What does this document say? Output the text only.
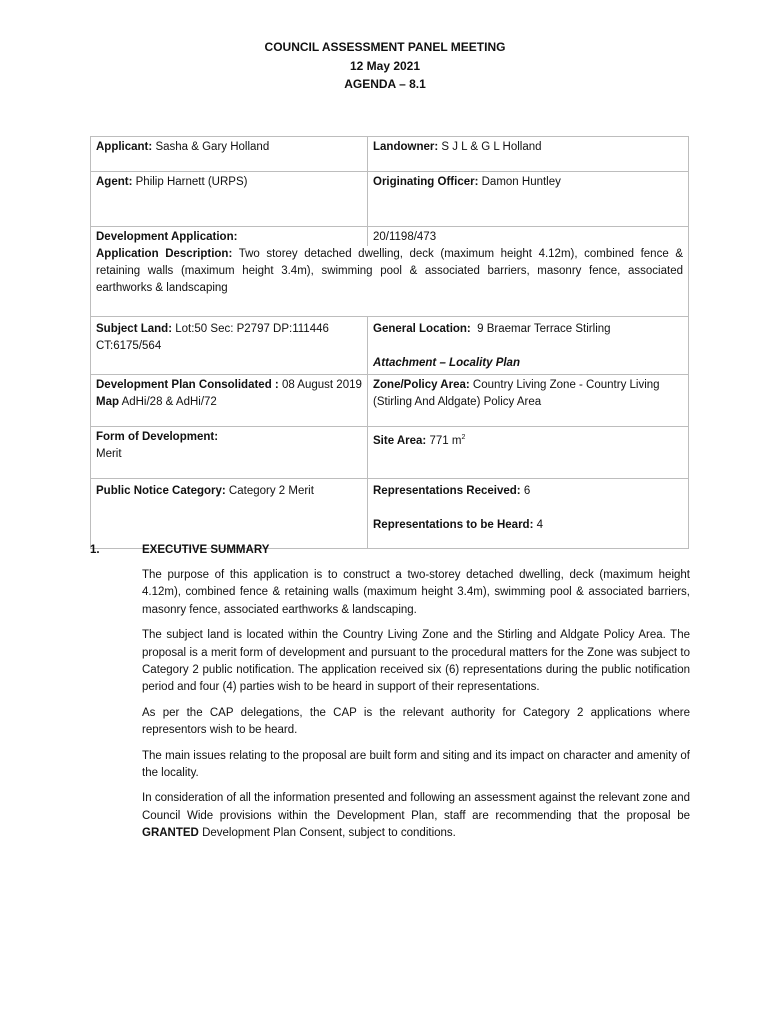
COUNCIL ASSESSMENT PANEL MEETING
12 May 2021
AGENDA – 8.1
Applicant: Sasha & Gary Holland	Landowner: S J L & G L Holland
Agent: Philip Harnett (URPS)	Originating Officer: Damon Huntley
Development Application:	20/1198/473
Application Description: Two storey detached dwelling, deck (maximum height 4.12m), combined fence & retaining walls (maximum height 3.4m), swimming pool & associated barriers, masonry fence, associated earthworks & landscaping	
Subject Land: Lot:50 Sec: P2797 DP:111446 CT:6175/564	General Location: 9 Braemar Terrace Stirling
Attachment – Locality Plan

Development Plan Consolidated : 08 August 2019
Map AdHi/28 & AdHi/72	Zone/Policy Area: Country Living Zone - Country Living (Stirling And Aldgate) Policy Area

Form of Development:
Merit	Site Area: 771 $m^2$
Public Notice Category: Category 2 Merit	Representations Received: 6
Representations to be Heard: 4
1.	EXECUTIVE SUMMARY

The purpose of this application is to construct a two-storey detached dwelling, deck (maximum height 4.12m), combined fence & retaining walls (maximum height 3.4m), swimming pool & associated barriers, masonry fence, associated earthworks & landscaping.

The subject land is located within the Country Living Zone and the Stirling and Aldgate Policy Area. The proposal is a merit form of development and pursuant to the procedural matters for the Zone was subject to Category 2 public notification. The application received six (6) representations during the public notification period and four (4) parties wish to be heard in support of their representations.

As per the CAP delegations, the CAP is the relevant authority for Category 2 applications where representors wish to be heard.

The main issues relating to the proposal are built form and siting and its impact on character and amenity of the locality.

In consideration of all the information presented and following an assessment against the relevant zone and Council Wide provisions within the Development Plan, staff are recommending that the proposal be GRANTED Development Plan Consent, subject to conditions.
